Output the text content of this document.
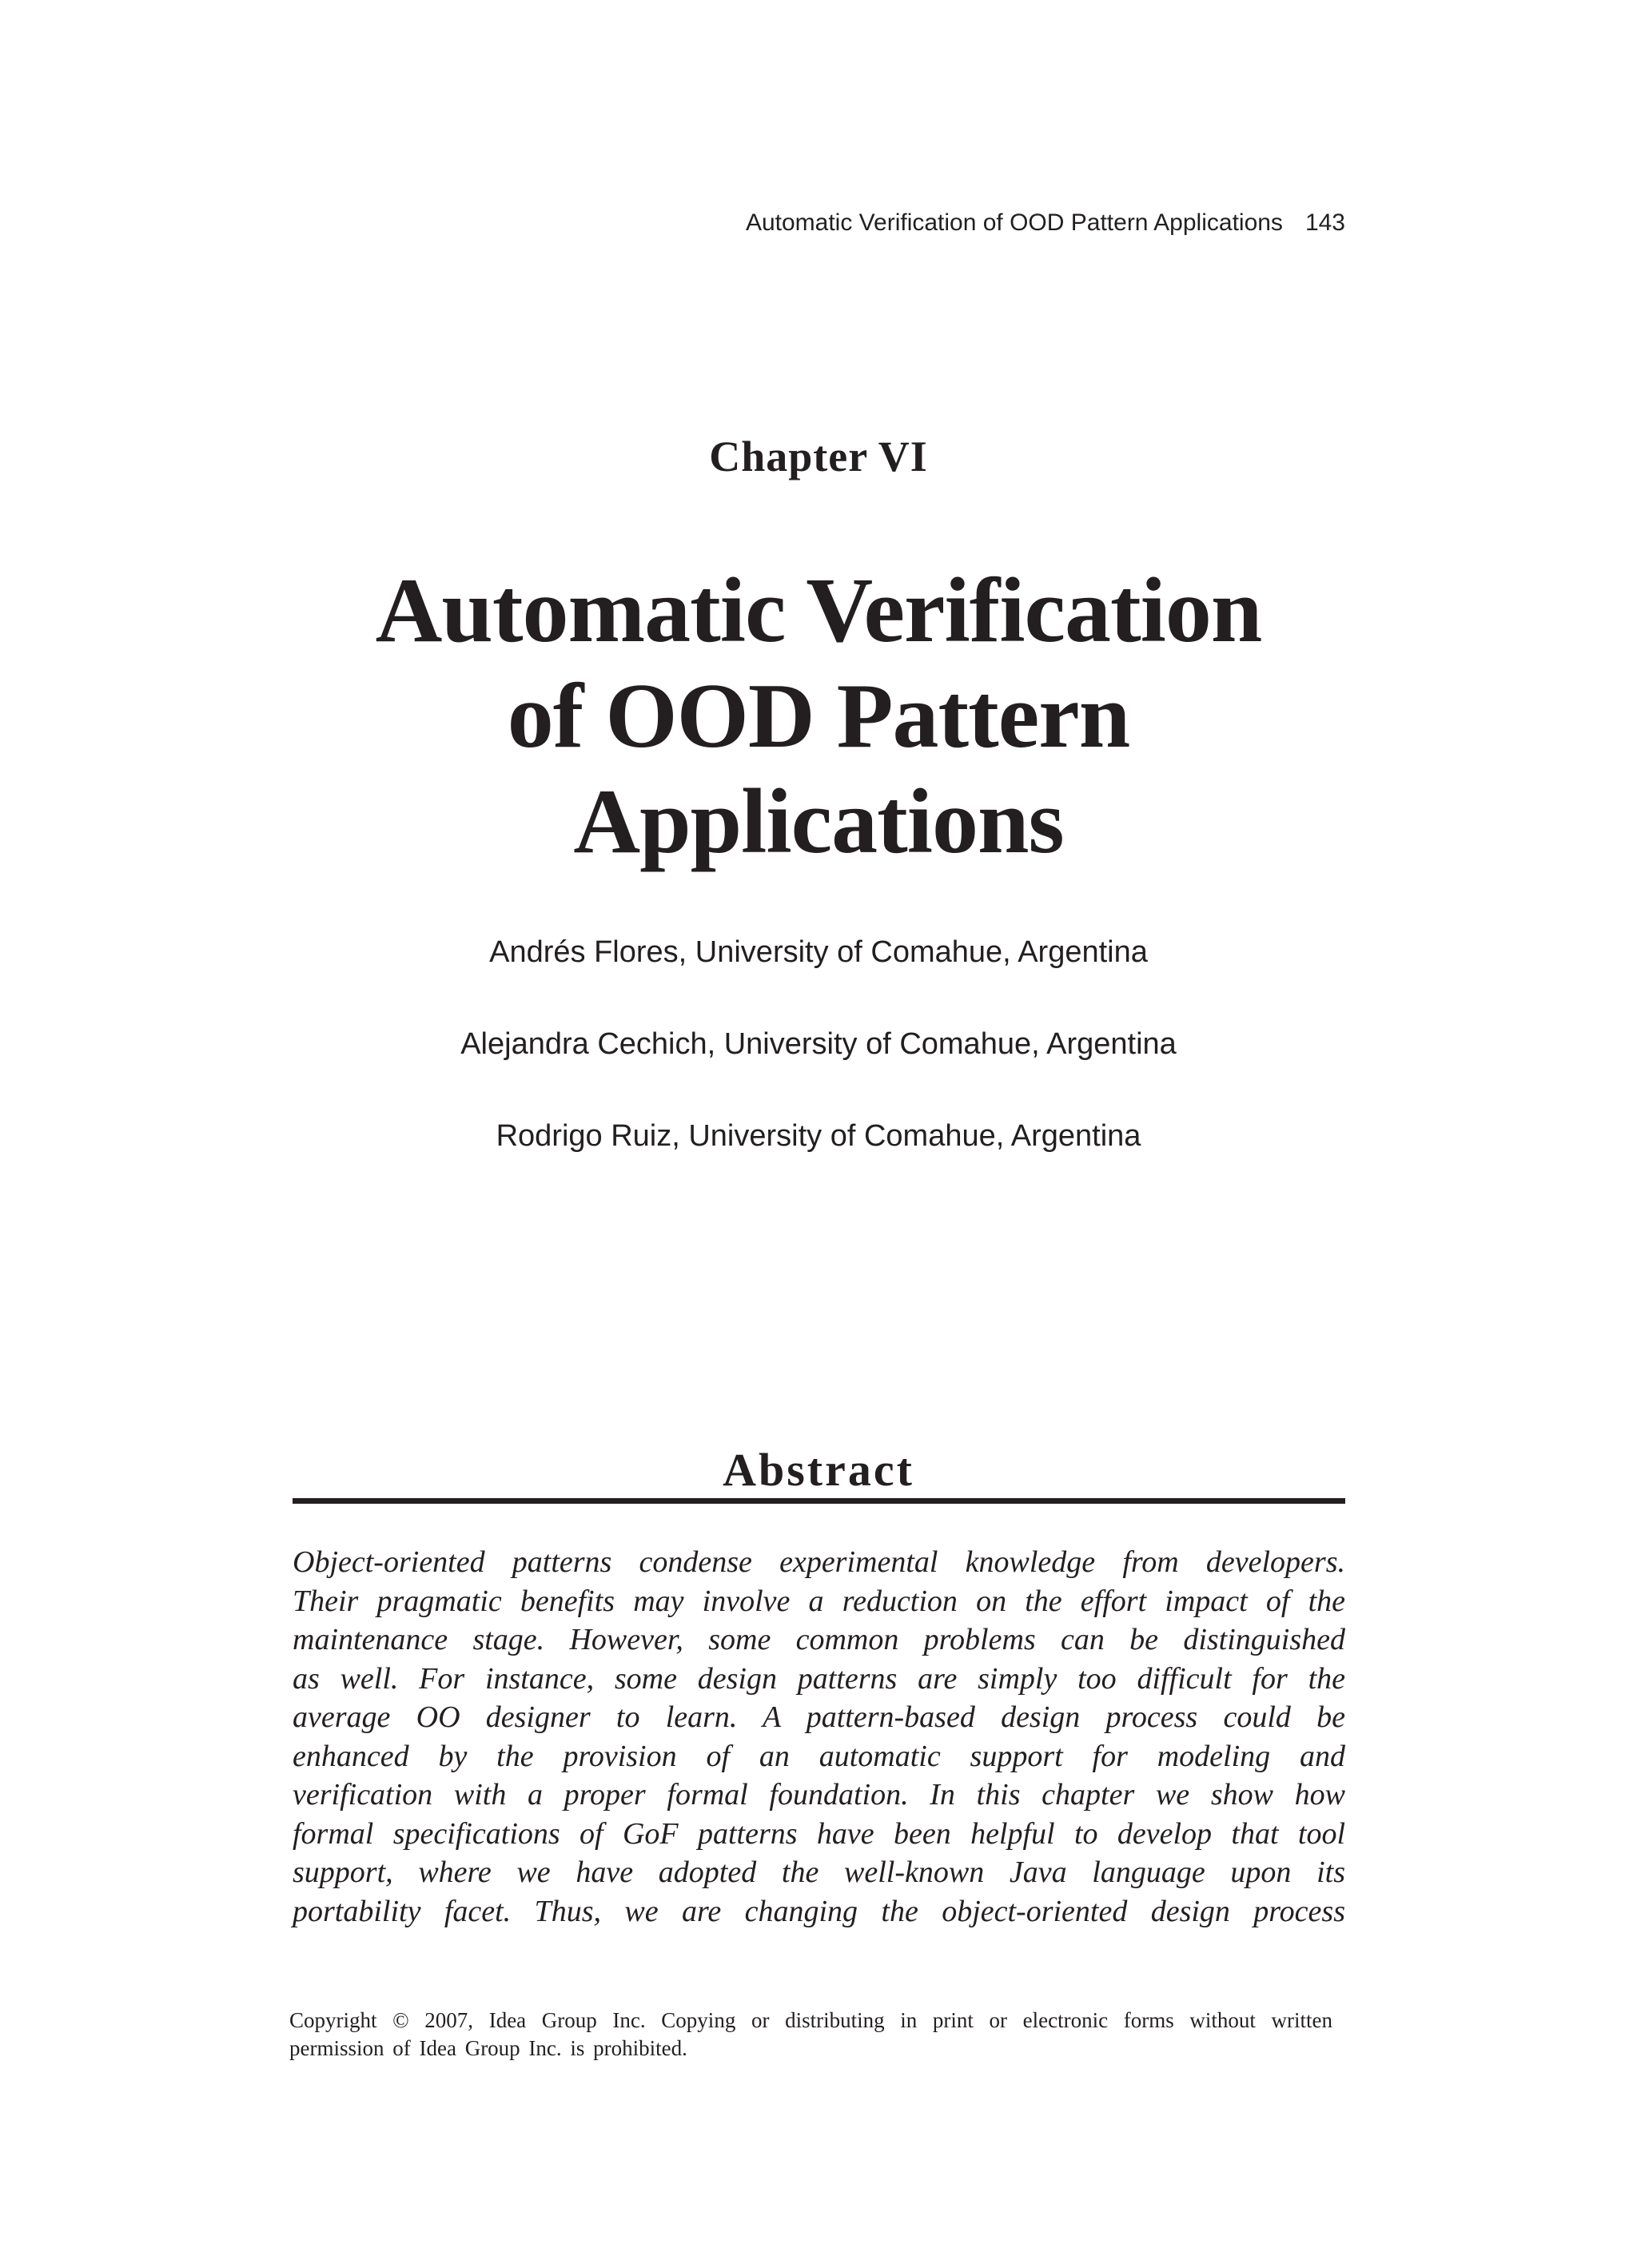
Automatic Verification of OOD Pattern Applications 143
Chapter VI
Automatic Verification
of OOD Pattern
Applications
Andrés Flores, University of Comahue, Argentina
Alejandra Cechich, University of Comahue, Argentina
Rodrigo Ruiz, University of Comahue, Argentina
Abstract
Object-oriented patterns condense experimental knowledge from developers.
Their pragmatic benefits may involve a reduction on the effort impact of the
maintenance stage. However, some common problems can be distinguished
as well. For instance, some design patterns are simply too difficult for the
average OO designer to learn. A pattern-based design process could be
enhanced by the provision of an automatic support for modeling and
verification with a proper formal foundation. In this chapter we show how
formal specifications of GoF patterns have been helpful to develop that tool
support, where we have adopted the well-known Java language upon its
portability facet. Thus, we are changing the object-oriented design process
Copyright © 2007, Idea Group Inc. Copying or distributing in print or electronic forms without written
permission of Idea Group Inc. is prohibited.
